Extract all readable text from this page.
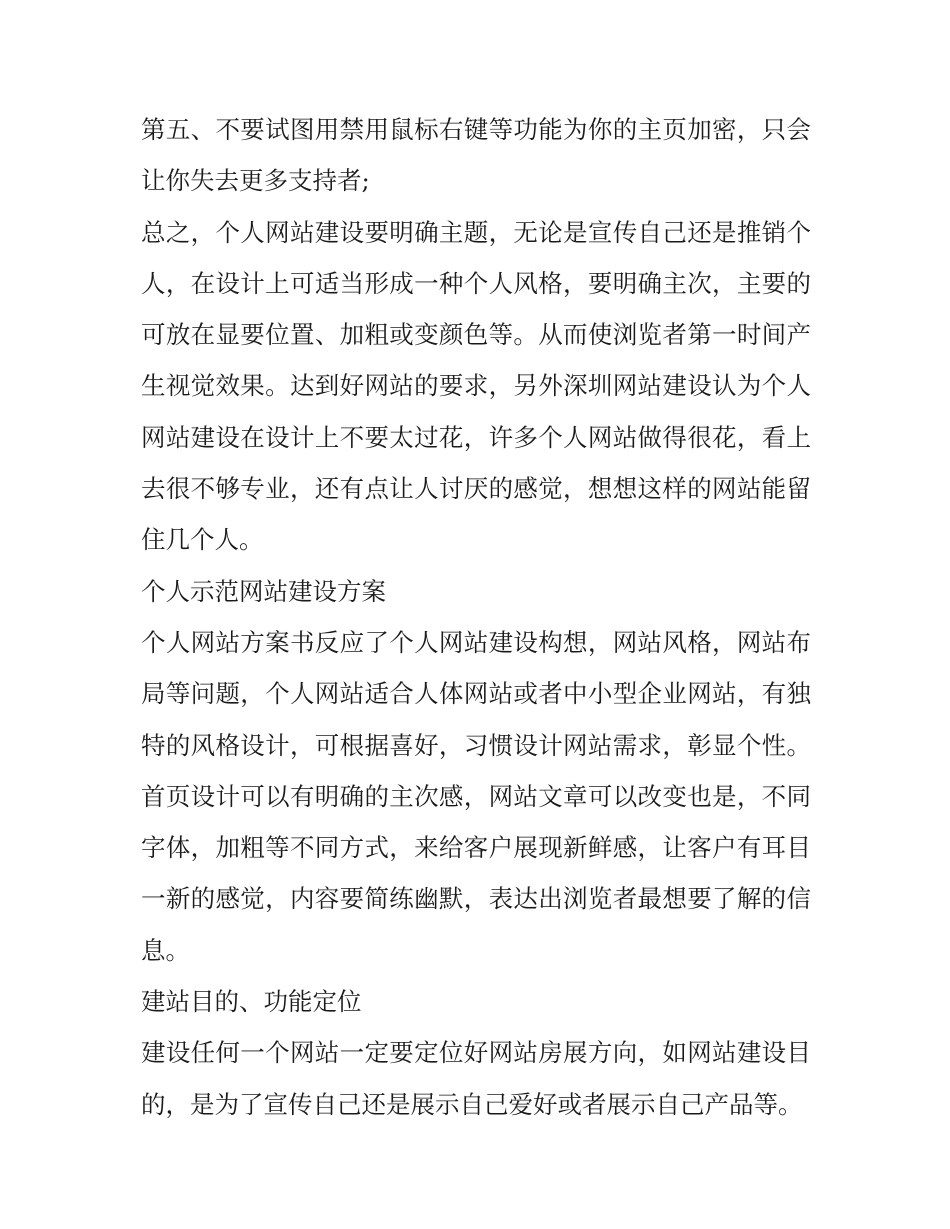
第五、不要试图用禁用鼠标右键等功能为你的主页加密，只会让你失去更多支持者;

总之，个人网站建设要明确主题，无论是宣传自己还是推销个人，在设计上可适当形成一种个人风格，要明确主次，主要的可放在显要位置、加粗或变颜色等。从而使浏览者第一时间产生视觉效果。达到好网站的要求，另外深圳网站建设认为个人网站建设在设计上不要太过花，许多个人网站做得很花，看上去很不够专业，还有点让人讨厌的感觉，想想这样的网站能留住几个人。

个人示范网站建设方案

个人网站方案书反应了个人网站建设构想，网站风格，网站布局等问题，个人网站适合人体网站或者中小型企业网站，有独特的风格设计，可根据喜好，习惯设计网站需求，彰显个性。首页设计可以有明确的主次感，网站文章可以改变也是，不同字体，加粗等不同方式，来给客户展现新鲜感，让客户有耳目一新的感觉，内容要简练幽默，表达出浏览者最想要了解的信息。

建站目的、功能定位

建设任何一个网站一定要定位好网站房展方向，如网站建设目的，是为了宣传自己还是展示自己爱好或者展示自己产品等。
